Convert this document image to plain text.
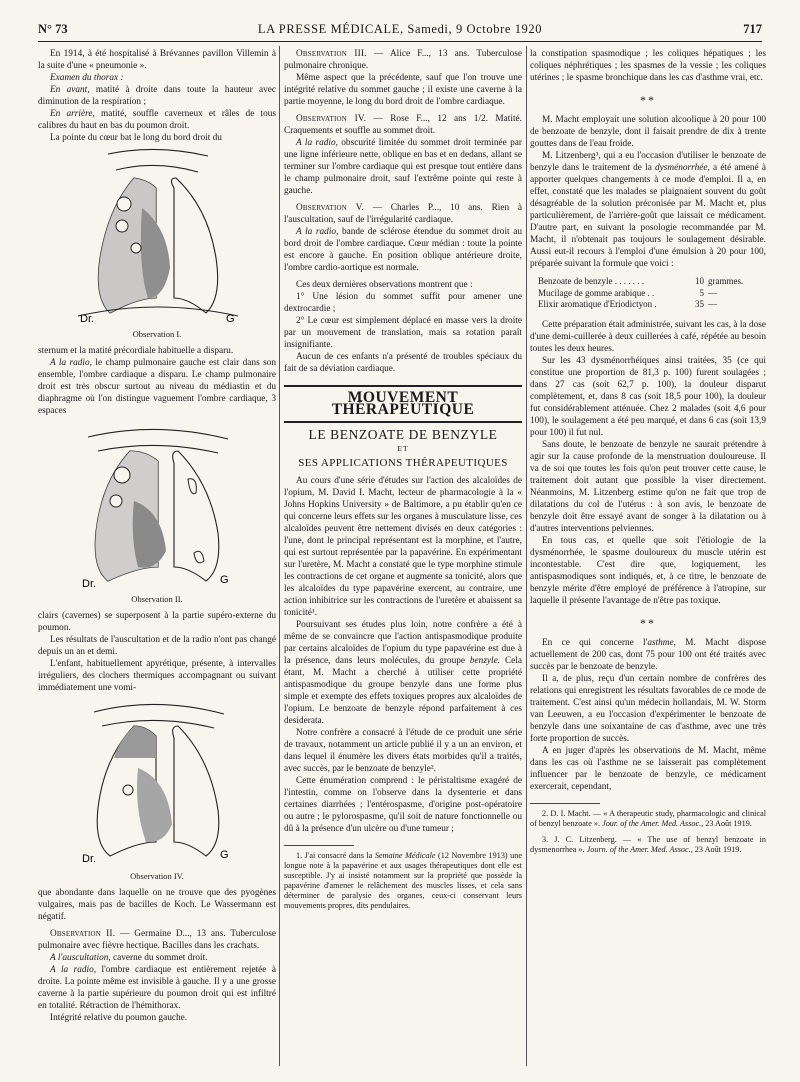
N° 73	LA PRESSE MÉDICALE, Samedi, 9 Octobre 1920	717

En 1914, à été hospitalisé à Brévannes pavillon Villemin à la suite d'une « pneumonie ».

Examen du thorax :

En avant, matité à droite dans toute la hauteur avec diminution de la respiration ;

En arrière, matité, souffle caverneux et râles de tous calibres du haut en bas du poumon droit.

La pointe du cœur bat le long du bord droit du

Dr.	G
Observation I.

sternum et la matité précordiale habituelle a disparu.

A la radio, le champ pulmonaire gauche est clair dans son ensemble, l'ombre cardiaque a disparu. Le champ pulmonaire droit est très obscur surtout au niveau du médiastin et du diaphragme où l'on distingue vaguement l'ombre cardiaque, 3 espaces

Dr.	G
Observation II.

clairs (cavernes) se superposent à la partie supéro-externe du poumon.

Les résultats de l'auscultation et de la radio n'ont pas changé depuis un an et demi.

L'enfant, habituellement apyrétique, présente, à intervalles irréguliers, des clochers thermiques accompagnant ou suivant immédiatement une vomi-

Dr.	G
Observation IV.

que abondante dans laquelle on ne trouve que des pyogènes vulgaires, mais pas de bacilles de Koch. Le Wassermann est négatif.

Observation II. — Germaine D..., 13 ans. Tuberculose pulmonaire avec fièvre hectique. Bacilles dans les crachats.

A l'auscultation, caverne du sommet droit.

A la radio, l'ombre cardiaque est entièrement rejetée à droite. La pointe même est invisible à gauche. Il y a une grosse caverne à la partie supérieure du poumon droit qui est infiltré en totalité. Rétraction de l'hémithorax.

Intégrité relative du poumon gauche.

Observation III. — Alice F..., 13 ans. Tuberculose pulmonaire chronique.

Même aspect que la précédente, sauf que l'on trouve une intégrité relative du sommet gauche ; il existe une caverne à la partie moyenne, le long du bord droit de l'ombre cardiaque.

Observation IV. — Rose F..., 12 ans 1/2. Matité. Craquements et souffle au sommet droit.

A la radio, obscurité limitée du sommet droit terminée par une ligne inférieure nette, oblique en bas et en dedans, allant se terminer sur l'ombre cardiaque qui est presque tout entière dans le champ pulmonaire droit, sauf l'extrême pointe qui reste à gauche.

Observation V. — Charles P..., 10 ans. Rien à l'auscultation, sauf de l'irrégularité cardiaque.

A la radio, bande de sclérose étendue du sommet droit au bord droit de l'ombre cardiaque. Cœur médian : toute la pointe est encore à gauche. En position oblique antérieure droite, l'ombre cardio-aortique est normale.

Ces deux dernières observations montrent que :

1° Une lésion du sommet suffit pour amener une dextrocardie ;

2° Le cœur est simplement déplacé en masse vers la droite par un mouvement de translation, mais sa rotation paraît insignifiante.

Aucun de ces enfants n'a présenté de troubles spéciaux du fait de sa déviation cardiaque.

MOUVEMENT THÉRAPEUTIQUE
LE BENZOATE DE BENZYLE
ET
SES APPLICATIONS THÉRAPEUTIQUES

Au cours d'une série d'études sur l'action des alcaloïdes de l'opium, M. David I. Macht, lecteur de pharmacologie à la « Johns Hopkins University » de Baltimore, a pu établir qu'en ce qui concerne leurs effets sur les organes à musculature lisse, ces alcaloïdes peuvent être nettement divisés en deux catégories : l'une, dont le principal représentant est la morphine, et l'autre, qui est surtout représentée par la papavérine. En expérimentant sur l'uretère, M. Macht a constaté que le type morphine stimule les contractions de cet organe et augmente sa tonicité, alors que les alcaloïdes du type papavérine exercent, au contraire, une action inhibitrice sur les contractions de l'uretère et abaissent sa tonicité¹.

Poursuivant ses études plus loin, notre confrère a été à même de se convaincre que l'action antispasmodique produite par certains alcaloïdes de l'opium du type papavérine est due à la présence, dans leurs molécules, du groupe benzyle. Cela étant, M. Macht a cherché à utiliser cette propriété antispasmodique du groupe benzyle dans une forme plus simple et exempte des effets toxiques propres aux alcaloïdes de l'opium. Le benzoate de benzyle répond parfaitement à ces desiderata.

Notre confrère a consacré à l'étude de ce produit une série de travaux, notamment un article publié il y a un an environ, et dans lequel il énumère les divers états morbides qu'il a traités, avec succès, par le benzoate de benzyle².

Cette énumération comprend : le péristaltisme exagéré de l'intestin, comme on l'observe dans la dysenterie et dans certaines diarrhées ; l'entérospasme, d'origine post-opératoire ou autre ; le pylorospasme, qu'il soit de nature fonctionnelle ou dû à la présence d'un ulcère ou d'une tumeur ;

1. J'ai consacré dans la Semaine Médicale (12 Novembre 1913) une longue note à la papavérine et aux usages thérapeutiques dont elle est susceptible. J'y ai insisté notamment sur la propriété que possède la papavérine d'amener le relâchement des muscles lisses, et cela sans déterminer de paralysie des organes, ceux-ci conservant leurs mouvements propres, dits pendulaires.

la constipation spasmodique ; les coliques hépatiques ; les coliques néphrétiques ; les spasmes de la vessie ; les coliques utérines ; le spasme bronchique dans les cas d'asthme vrai, etc.

**

M. Macht employait une solution alcoolique à 20 pour 100 de benzoate de benzyle, dont il faisait prendre de dix à trente gouttes dans de l'eau froide.

M. Litzenberg³, qui a eu l'occasion d'utiliser le benzoate de benzyle dans le traitement de la dysménorrhée, a été amené à apporter quelques changements à ce mode d'emploi. Il a, en effet, constaté que les malades se plaignaient souvent du goût désagréable de la solution préconisée par M. Macht et, plus particulièrement, de l'arrière-goût que laissait ce médicament. D'autre part, en suivant la posologie recommandée par M. Macht, il n'obtenait pas toujours le soulagement désirable. Aussi eut-il recours à l'emploi d'une émulsion à 20 pour 100, préparée suivant la formule que voici :

Benzoate de benzyle . . . . . . .	10 grammes.
Mucilage de gomme arabique . .	5 —
Elixir aromatique d'Eriodictyon .	35 —

Cette préparation était administrée, suivant les cas, à la dose d'une demi-cuillerée à deux cuillerées à café, répétée au besoin toutes les deux heures.

Sur les 43 dysménorrhéiques ainsi traitées, 35 (ce qui constitue une proportion de 81,3 p. 100) furent soulagées ; dans 27 cas (soit 62,7 p. 100), la douleur disparut complètement, et, dans 8 cas (soit 18,5 pour 100), la douleur fut considérablement atténuée. Chez 2 malades (soit 4,6 pour 100), le soulagement a été peu marqué, et dans 6 cas (soit 13,9 pour 100) il fut nul.

Sans doute, le benzoate de benzyle ne saurait prétendre à agir sur la cause profonde de la menstruation douloureuse. Il va de soi que toutes les fois qu'on peut trouver cette cause, le traitement doit autant que possible la viser directement. Néanmoins, M. Litzenberg estime qu'on ne fait que trop de dilatations du col de l'utérus : à son avis, le benzoate de benzyle doit être essayé avant de songer à la dilatation ou à d'autres interventions pelviennes.

En tous cas, et quelle que soit l'étiologie de la dysménorrhée, le spasme douloureux du muscle utérin est incontestable. C'est dire que, logiquement, les antispasmodiques sont indiqués, et, à ce titre, le benzoate de benzyle mérite d'être employé de préférence à l'atropine, sur laquelle il présente l'avantage de n'être pas toxique.

**

En ce qui concerne l'asthme, M. Macht dispose actuellement de 200 cas, dont 75 pour 100 ont été traités avec succès par le benzoate de benzyle.

Il a, de plus, reçu d'un certain nombre de confrères des relations qui enregistrent les résultats favorables de ce mode de traitement. C'est ainsi qu'un médecin hollandais, M. W. Storm van Leeuwen, a eu l'occasion d'expérimenter le benzoate de benzyle dans une soixantaine de cas d'asthme, avec une très forte proportion de succès.

A en juger d'après les observations de M. Macht, même dans les cas où l'asthme ne se laisserait pas complètement influencer par le benzoate de benzyle, ce médicament exercerait, cependant,

2. D. I. Macht. — « A therapeutic study, pharmacologic and clinical of benzyl benzoate ». Jour. of the Amer. Med. Assoc., 23 Août 1919.

3. J. C. Litzenberg. — « The use of benzyl benzoate in dysmenorrhea ». Journ. of the Amer. Med. Assoc., 23 Août 1919.
